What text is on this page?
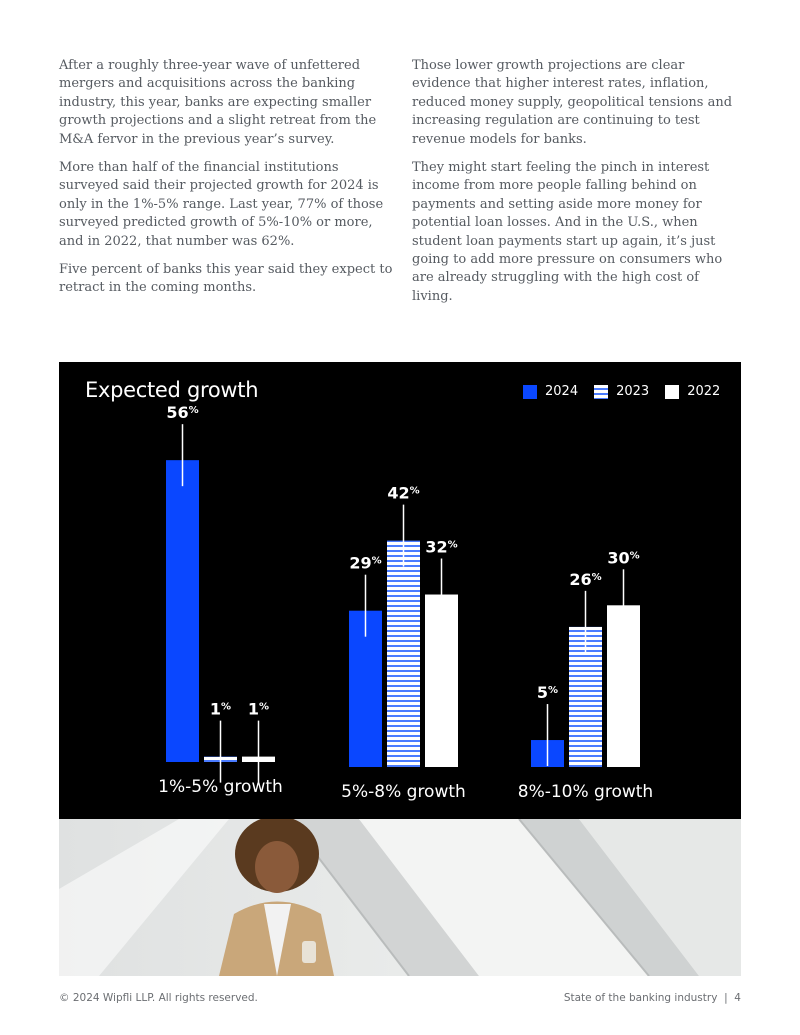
After a roughly three-year wave of unfettered mergers and acquisitions across the banking industry, this year, banks are expecting smaller growth projections and a slight retreat from the M&A fervor in the previous year’s survey.

More than half of the financial institutions surveyed said their projected growth for 2024 is only in the 1%-5% range. Last year, 77% of those surveyed predicted growth of 5%-10% or more, and in 2022, that number was 62%.

Five percent of banks this year said they expect to retract in the coming months.

Those lower growth projections are clear evidence that higher interest rates, inflation, reduced money supply, geopolitical tensions and increasing regulation are continuing to test revenue models for banks.

They might start feeling the pinch in interest income from more people falling behind on payments and setting aside more money for potential loan losses. And in the U.S., when student loan payments start up again, it’s just going to add more pressure on consumers who are already struggling with the high cost of living.

56%
1% 1%
1%-5% growth
29%
42%
32%
5%-8% growth
5%
26%
30%
8%-10% growth
Expected growth	2024	2023	2022
© 2024 Wipfli LLP. All rights reserved.	State of the banking industry  |  4
